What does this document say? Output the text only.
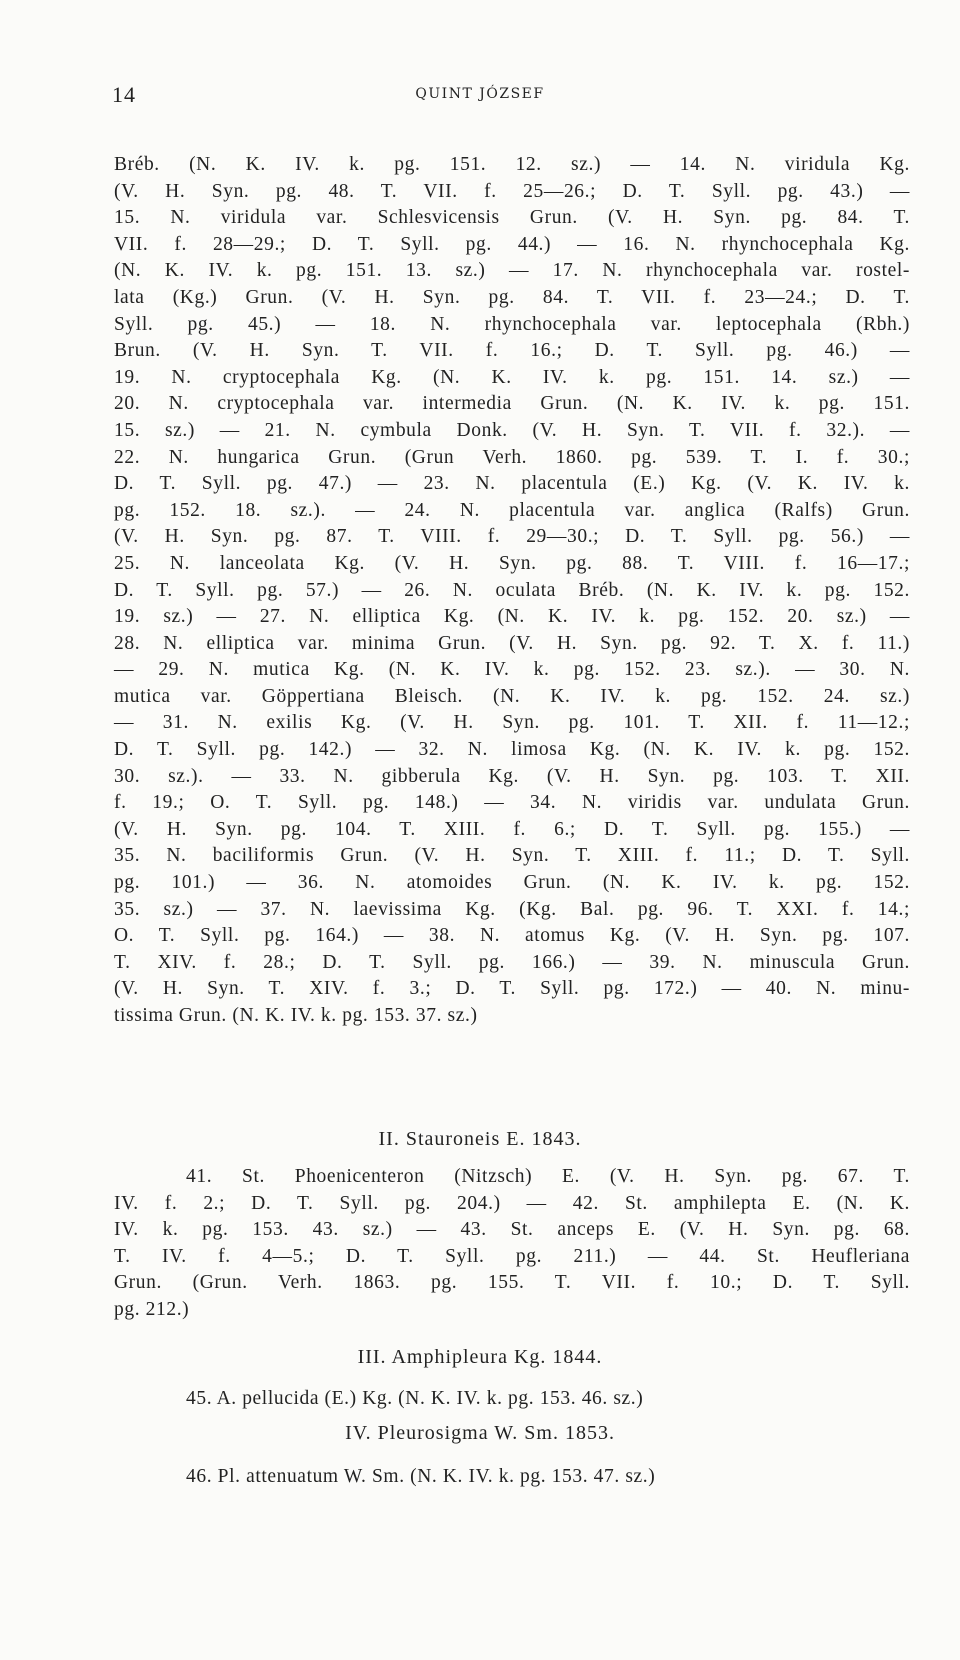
14	QUINT JÓZSEF
Bréb. (N. K. IV. k. pg. 151. 12. sz.) — 14. N. viridula Kg.
(V. H. Syn. pg. 48. T. VII. f. 25—26.; D. T. Syll. pg. 43.) —
15. N. viridula var. Schlesvicensis Grun. (V. H. Syn. pg. 84. T.
VII. f. 28—29.; D. T. Syll. pg. 44.) — 16. N. rhynchocephala Kg.
(N. K. IV. k. pg. 151. 13. sz.) — 17. N. rhynchocephala var. rostel-
lata (Kg.) Grun. (V. H. Syn. pg. 84. T. VII. f. 23—24.; D. T.
Syll. pg. 45.) — 18. N. rhynchocephala var. leptocephala (Rbh.)
Brun. (V. H. Syn. T. VII. f. 16.; D. T. Syll. pg. 46.) —
19. N. cryptocephala Kg. (N. K. IV. k. pg. 151. 14. sz.) —
20. N. cryptocephala var. intermedia Grun. (N. K. IV. k. pg. 151.
15. sz.) — 21. N. cymbula Donk. (V. H. Syn. T. VII. f. 32.). —
22. N. hungarica Grun. (Grun Verh. 1860. pg. 539. T. I. f. 30.;
D. T. Syll. pg. 47.) — 23. N. placentula (E.) Kg. (V. K. IV. k.
pg. 152. 18. sz.). — 24. N. placentula var. anglica (Ralfs) Grun.
(V. H. Syn. pg. 87. T. VIII. f. 29—30.; D. T. Syll. pg. 56.) —
25. N. lanceolata Kg. (V. H. Syn. pg. 88. T. VIII. f. 16—17.;
D. T. Syll. pg. 57.) — 26. N. oculata Bréb. (N. K. IV. k. pg. 152.
19. sz.) — 27. N. elliptica Kg. (N. K. IV. k. pg. 152. 20. sz.) —
28. N. elliptica var. minima Grun. (V. H. Syn. pg. 92. T. X. f. 11.)
— 29. N. mutica Kg. (N. K. IV. k. pg. 152. 23. sz.). — 30. N.
mutica var. Göppertiana Bleisch. (N. K. IV. k. pg. 152. 24. sz.)
— 31. N. exilis Kg. (V. H. Syn. pg. 101. T. XII. f. 11—12.;
D. T. Syll. pg. 142.) — 32. N. limosa Kg. (N. K. IV. k. pg. 152.
30. sz.). — 33. N. gibberula Kg. (V. H. Syn. pg. 103. T. XII.
f. 19.; O. T. Syll. pg. 148.) — 34. N. viridis var. undulata Grun.
(V. H. Syn. pg. 104. T. XIII. f. 6.; D. T. Syll. pg. 155.) —
35. N. baciliformis Grun. (V. H. Syn. T. XIII. f. 11.; D. T. Syll.
pg. 101.) — 36. N. atomoides Grun. (N. K. IV. k. pg. 152.
35. sz.) — 37. N. laevissima Kg. (Kg. Bal. pg. 96. T. XXI. f. 14.;
O. T. Syll. pg. 164.) — 38. N. atomus Kg. (V. H. Syn. pg. 107.
T. XIV. f. 28.; D. T. Syll. pg. 166.) — 39. N. minuscula Grun.
(V. H. Syn. T. XIV. f. 3.; D. T. Syll. pg. 172.) — 40. N. minu-
tissima Grun. (N. K. IV. k. pg. 153. 37. sz.)
II. Stauroneis E. 1843.
41. St. Phoenicenteron (Nitzsch) E. (V. H. Syn. pg. 67. T.
IV. f. 2.; D. T. Syll. pg. 204.) — 42. St. amphilepta E. (N. K.
IV. k. pg. 153. 43. sz.) — 43. St. anceps E. (V. H. Syn. pg. 68.
T. IV. f. 4—5.; D. T. Syll. pg. 211.) — 44. St. Heufleriana
Grun. (Grun. Verh. 1863. pg. 155. T. VII. f. 10.; D. T. Syll.
pg. 212.)
III. Amphipleura Kg. 1844.
45. A. pellucida (E.) Kg. (N. K. IV. k. pg. 153. 46. sz.)
IV. Pleurosigma W. Sm. 1853.
46. Pl. attenuatum W. Sm. (N. K. IV. k. pg. 153. 47. sz.)
